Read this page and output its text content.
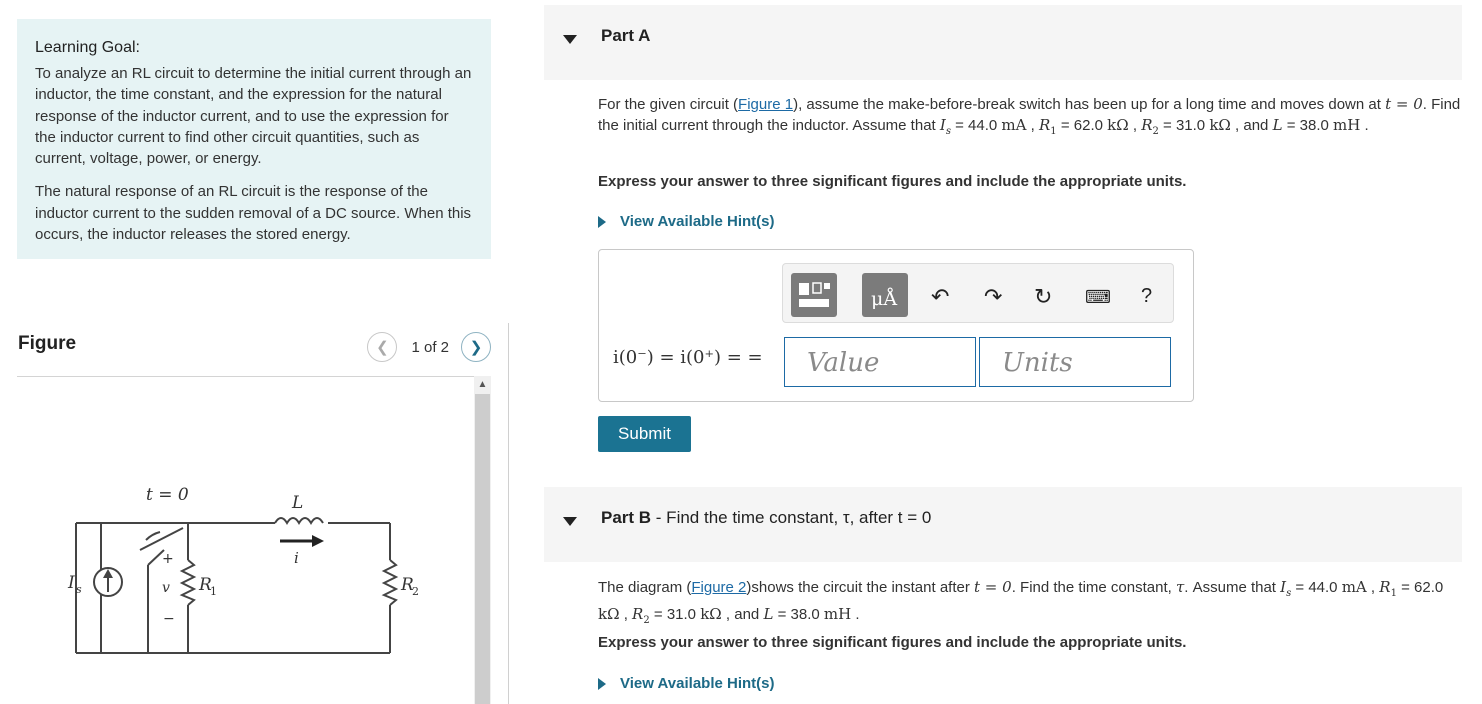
Learning Goal:

To analyze an RL circuit to determine the initial current through an inductor, the time constant, and the expression for the natural response of the inductor current, and to use the expression for the inductor current to find other circuit quantities, such as current, voltage, power, or energy.

The natural response of an RL circuit is the response of the inductor current to the sudden removal of a DC source. When this occurs, the inductor releases the stored energy.

Figure	❮ 1 of 2 ❯
t = 0	L
i
I s
+
v
−
R
1	R
2
▲
Part A
For the given circuit (Figure 1), assume the make-before-break switch has been up for a long time and moves down at t = 0. Find the initial current through the inductor. Assume that $I_s = 44.0$ mA , $R_1 = 62.0$ kΩ , $R_2 = 31.0$ kΩ , and L = 38.0 mH .
Express your answer to three significant figures and include the appropriate units.
View Available Hint(s)
μÅ ↶ ↷ ↻ ⌨ ?
i(0⁻) = i(0⁺) = =	Value	Units
Submit
Part B - Find the time constant, τ, after t = 0
The diagram (Figure 2)shows the circuit the instant after t = 0. Find the time constant, τ. Assume that $I_s = 44.0$ mA , $R_1 = 62.0$ kΩ , $R_2 = 31.0$ kΩ , and L = 38.0 mH .
Express your answer to three significant figures and include the appropriate units.
View Available Hint(s)
